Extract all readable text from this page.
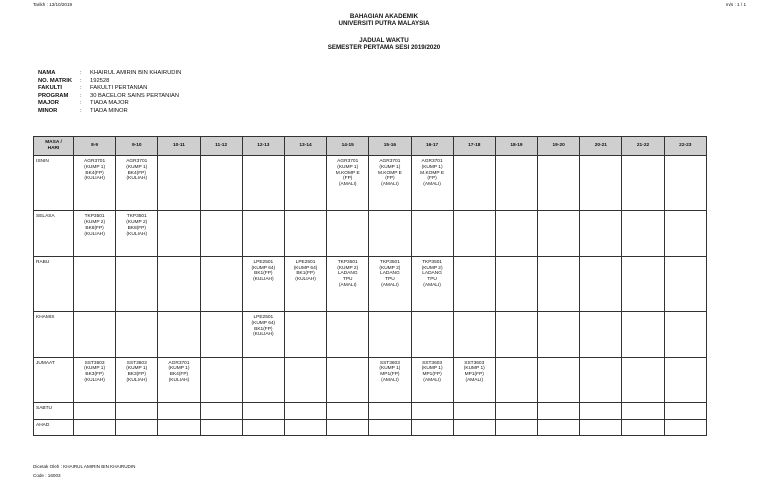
Tarikh : 13/10/2019	m/s : 1 / 1
BAHAGIAN AKADEMIK
UNIVERSITI PUTRA MALAYSIA
JADUAL WAKTU
SEMESTER PERTAMA SESI 2019/2020
NAMA	:	KHAIRUL AMIRIN BIN KHAIRUDIN
NO. MATRIK	:	192528
FAKULTI	:	FAKULTI PERTANIAN
PROGRAM	:	30 BACELOR SAINS PERTANIAN
MAJOR	:	TIADA MAJOR
MINOR	:	TIADA MINOR
MASA /
HARI	8-9	9-10	10-11	11-12	12-13	13-14	14-15	15-16	16-17	17-18	18-19	19-20	20-21	21-22	22-23
ISNIN	AGR3701
(KUMP 1)
BK4(FP)
(KULIAH)	AGR3701
(KUMP 1)
BK4(FP)
(KULIAH)					AGR3701
(KUMP 1)
M.KOMP E
(FP)
(AMALI)	AGR3701
(KUMP 1)
M.KOMP E
(FP)
(AMALI)	AGR3701
(KUMP 1)
M.KOMP E
(FP)
(AMALI)						

SELASA	TKP3501
(KUMP 2)
BK8(FP)
(KULIAH)	TKP3501
(KUMP 2)
BK8(FP)
(KULIAH)													

RABU					LPE2501
(KUMP 64)
BK1(FP)
(KULIAH)	LPE2501
(KUMP 64)
BK1(FP)
(KULIAH)	TKP3501
(KUMP 2)
LADANG
TPU
(AMALI)	TKP3501
(KUMP 2)
LADANG
TPU
(AMALI)	TKP3501
(KUMP 2)
LADANG
TPU
(AMALI)						

KHAMIS					LPE2501
(KUMP 64)
BK1(FP)
(KULIAH)										

JUMAAT	SST3603
(KUMP 1)
BK3(FP)
(KULIAH)	SST3603
(KUMP 1)
BK3(FP)
(KULIAH)	AGR3701
(KUMP 1)
BK4(FP)
(KULIAH)					SST3603
(KUMP 1)
MP1(FP)
(AMALI)	SST3603
(KUMP 1)
MP1(FP)
(AMALI)	SST3603
(KUMP 1)
MP1(FP)
(AMALI)					

SABTU															
AHAD															
Dicetak Oleh : KHAIRUL AMIRIN BIN KHAIRUDIN
Code : 16003
